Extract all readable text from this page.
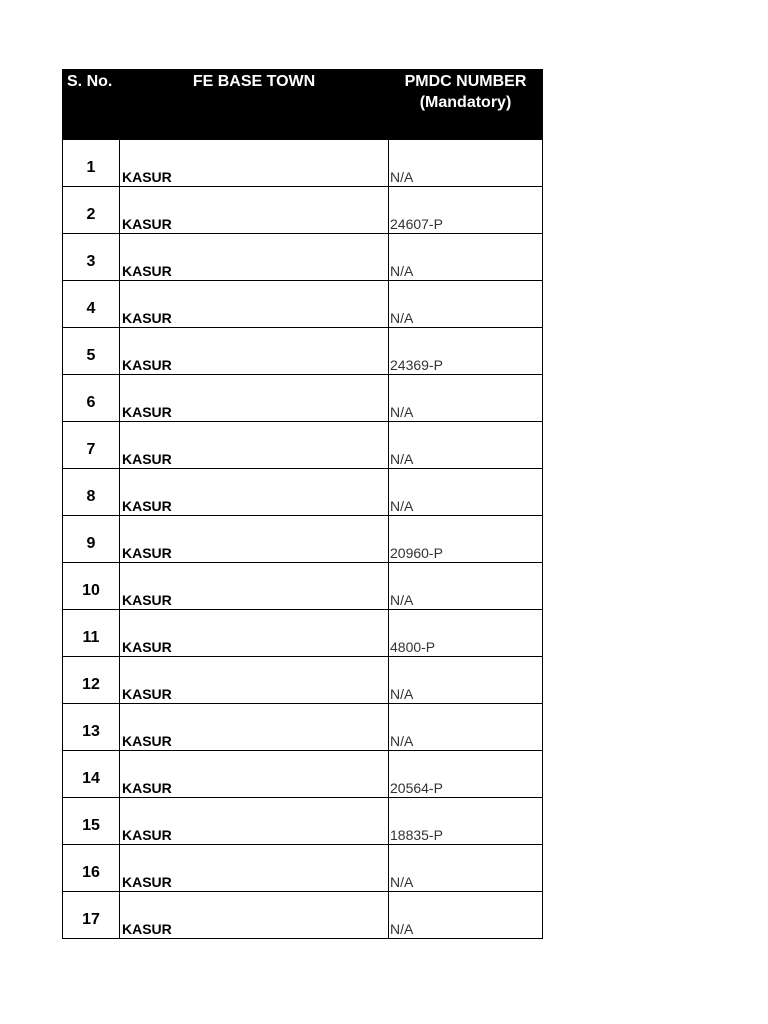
S. No.	FE BASE TOWN	PMDC NUMBER
(Mandatory)

1	KASUR	N/A
2	KASUR	24607-P
3	KASUR	N/A
4	KASUR	N/A
5	KASUR	24369-P
6	KASUR	N/A
7	KASUR	N/A
8	KASUR	N/A
9	KASUR	20960-P
10	KASUR	N/A
11	KASUR	4800-P
12	KASUR	N/A
13	KASUR	N/A
14	KASUR	20564-P
15	KASUR	18835-P
16	KASUR	N/A
17	KASUR	N/A
